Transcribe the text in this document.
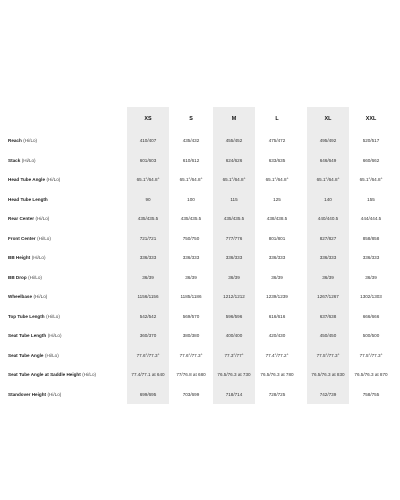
XS	S	M	L	XL	XXL
Reach (Hi/Lo)	410/407	435/432	455/452	475/472	495/492	520/517
Stack (Hi/Lo)	601/603	610/612	624/626	633/635	646/649	660/662
Head Tube Angle (Hi/Lo)	65.1°/64.8°	65.1°/64.8°	65.1°/64.8°	65.1°/64.8°	65.1°/64.8°	65.1°/64.8°
Head Tube Length	90	100	115	125	140	155
Rear Center (Hi/Lo)	435/435.5	435/435.5	435/435.5	438/438.5	440/440.5	444/444.5
Front Center (Hi/Lo)	721/721	750/750	777/776	801/801	827/827	858/858
BB Height (Hi/Lo)	336/333	336/333	336/333	336/333	336/333	336/333
BB Drop (Hi/Lo)	36/39	36/39	36/39	36/39	36/39	36/39
Wheelbase (Hi/Lo)	1156/1156	1185/1186	1212/1212	1239/1239	1267/1267	1302/1303
Top Tube Length (Hi/Lo)	542/542	569/570	596/596	616/616	637/638	666/666
Seat Tube Length (Hi/Lo)	360/370	380/380	400/400	420/430	450/450	500/500
Seat Tube Angle (Hi/Lo)	77.6°/77.3°	77.6°/77.3°	77.3°/77°	77.4°/77.2°	77.5°/77.3°	77.5°/77.3°
Seat Tube Angle at Saddle Height (Hi/Lo)	77.4/77.1 at 640	77/76.8 at 680	76.5/76.3 at 730	76.5/76.3 at 780	76.5/76.3 at 830	76.5/76.3 at 870
Standover Height (Hi/Lo)	699/695	703/699	718/714	728/725	742/739	758/755
